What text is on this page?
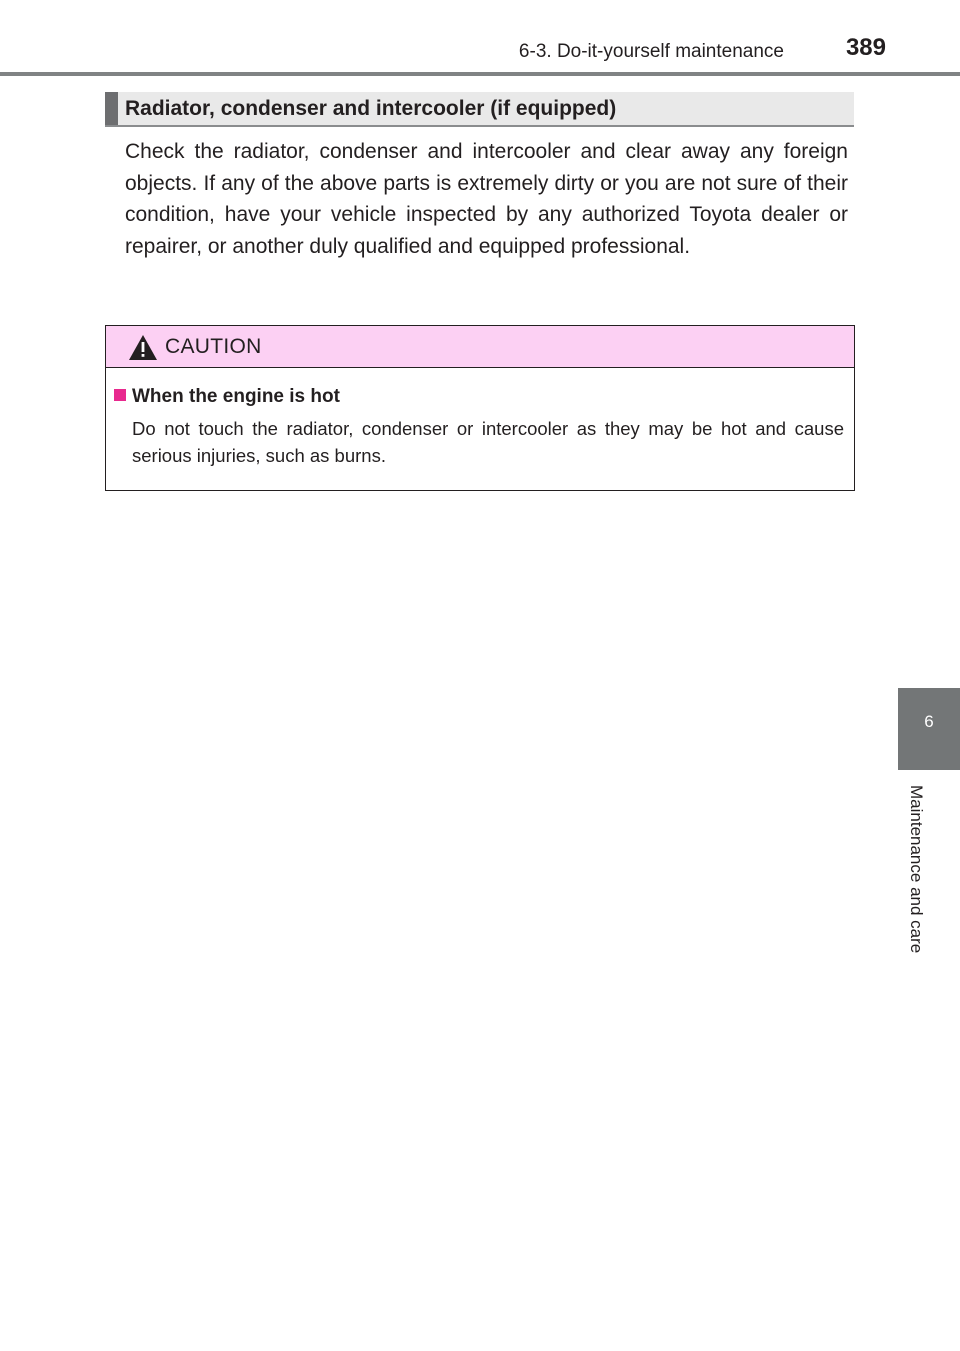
6-3. Do-it-yourself maintenance	389
Radiator, condenser and intercooler (if equipped)

Check the radiator, condenser and intercooler and clear away any foreign objects. If any of the above parts is extremely dirty or you are not sure of their condition, have your vehicle inspected by any authorized Toyota dealer or repairer, or another duly qualified and equipped professional.

CAUTION
When the engine is hot

Do not touch the radiator, condenser or intercooler as they may be hot and cause serious injuries, such as burns.

6
Maintenance and care
